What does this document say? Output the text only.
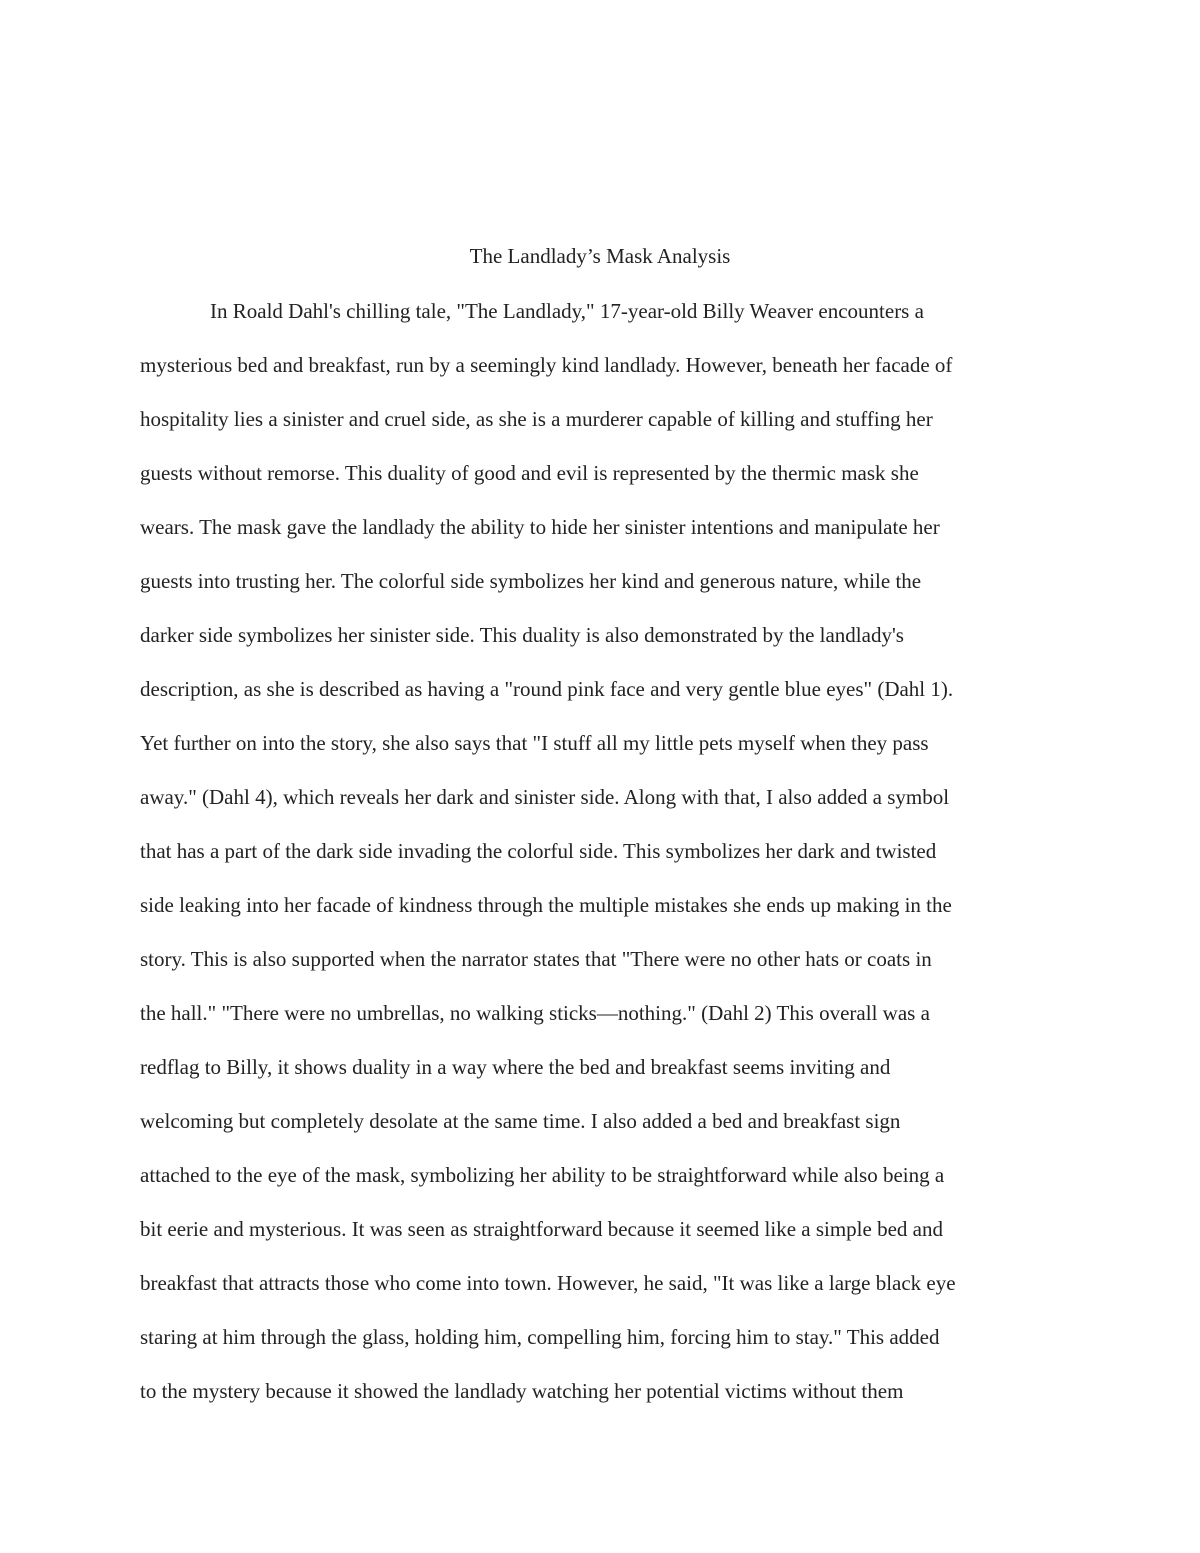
The Landlady’s Mask Analysis
In Roald Dahl's chilling tale, "The Landlady," 17-year-old Billy Weaver encounters a
mysterious bed and breakfast, run by a seemingly kind landlady. However, beneath her facade of
hospitality lies a sinister and cruel side, as she is a murderer capable of killing and stuffing her
guests without remorse. This duality of good and evil is represented by the thermic mask she
wears. The mask gave the landlady the ability to hide her sinister intentions and manipulate her
guests into trusting her. The colorful side symbolizes her kind and generous nature, while the
darker side symbolizes her sinister side. This duality is also demonstrated by the landlady's
description, as she is described as having a "round pink face and very gentle blue eyes" (Dahl 1).
Yet further on into the story, she also says that "I stuff all my little pets myself when they pass
away." (Dahl 4), which reveals her dark and sinister side. Along with that, I also added a symbol
that has a part of the dark side invading the colorful side. This symbolizes her dark and twisted
side leaking into her facade of kindness through the multiple mistakes she ends up making in the
story. This is also supported when the narrator states that "There were no other hats or coats in
the hall." "There were no umbrellas, no walking sticks—nothing." (Dahl 2) This overall was a
redflag to Billy, it shows duality in a way where the bed and breakfast seems inviting and
welcoming but completely desolate at the same time. I also added a bed and breakfast sign
attached to the eye of the mask, symbolizing her ability to be straightforward while also being a
bit eerie and mysterious. It was seen as straightforward because it seemed like a simple bed and
breakfast that attracts those who come into town. However, he said, "It was like a large black eye
staring at him through the glass, holding him, compelling him, forcing him to stay." This added
to the mystery because it showed the landlady watching her potential victims without them
